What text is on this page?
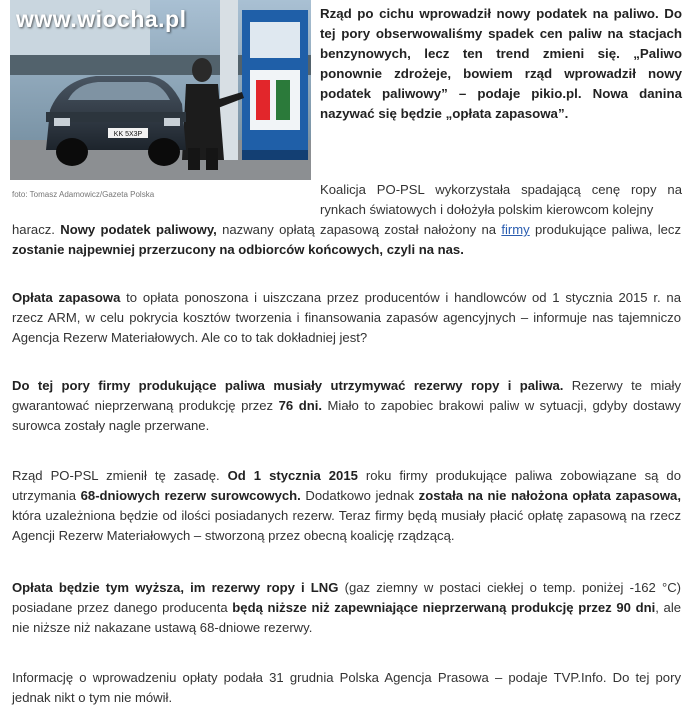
KK 5X3P
www.wiocha.pl
foto: Tomasz Adamowicz/Gazeta Polska

Rząd po cichu wprowadził nowy podatek na paliwo. Do tej pory obserwowaliśmy spadek cen paliw na stacjach benzynowych, lecz ten trend zmieni się. „Paliwo ponownie zdrożeje, bowiem rząd wprowadził nowy podatek paliwowy” – podaje pikio.pl. Nowa danina nazywać się będzie „opłata zapasowa”.

Koalicja PO-PSL wykorzystała spadającą cenę ropy na rynkach światowych i dołożyła polskim kierowcom kolejny

haracz. Nowy podatek paliwowy, nazwany opłatą zapasową został nałożony na firmy produkujące paliwa, lecz zostanie najpewniej przerzucony na odbiorców końcowych, czyli na nas.

Opłata zapasowa to opłata ponoszona i uiszczana przez producentów i handlowców od 1 stycznia 2015 r. na rzecz ARM, w celu pokrycia kosztów tworzenia i finansowania zapasów agencyjnych – informuje nas tajemniczo Agencja Rezerw Materiałowych. Ale co to tak dokładniej jest?

Do tej pory firmy produkujące paliwa musiały utrzymywać rezerwy ropy i paliwa. Rezerwy te miały gwarantować nieprzerwaną produkcję przez 76 dni. Miało to zapobiec brakowi paliw w sytuacji, gdyby dostawy surowca zostały nagle przerwane.

Rząd PO-PSL zmienił tę zasadę. Od 1 stycznia 2015 roku firmy produkujące paliwa zobowiązane są do utrzymania 68-dniowych rezerw surowcowych. Dodatkowo jednak została na nie nałożona opłata zapasowa, która uzależniona będzie od ilości posiadanych rezerw. Teraz firmy będą musiały płacić opłatę zapasową na rzecz Agencji Rezerw Materiałowych – stworzoną przez obecną koalicję rządzącą.

Opłata będzie tym wyższa, im rezerwy ropy i LNG (gaz ziemny w postaci ciekłej o temp. poniżej -162 °C) posiadane przez danego producenta będą niższe niż zapewniające nieprzerwaną produkcję przez 90 dni, ale nie niższe niż nakazane ustawą 68-dniowe rezerwy.

Informację o wprowadzeniu opłaty podała 31 grudnia Polska Agencja Prasowa – podaje TVP.Info. Do tej pory jednak nikt o tym nie mówił.
